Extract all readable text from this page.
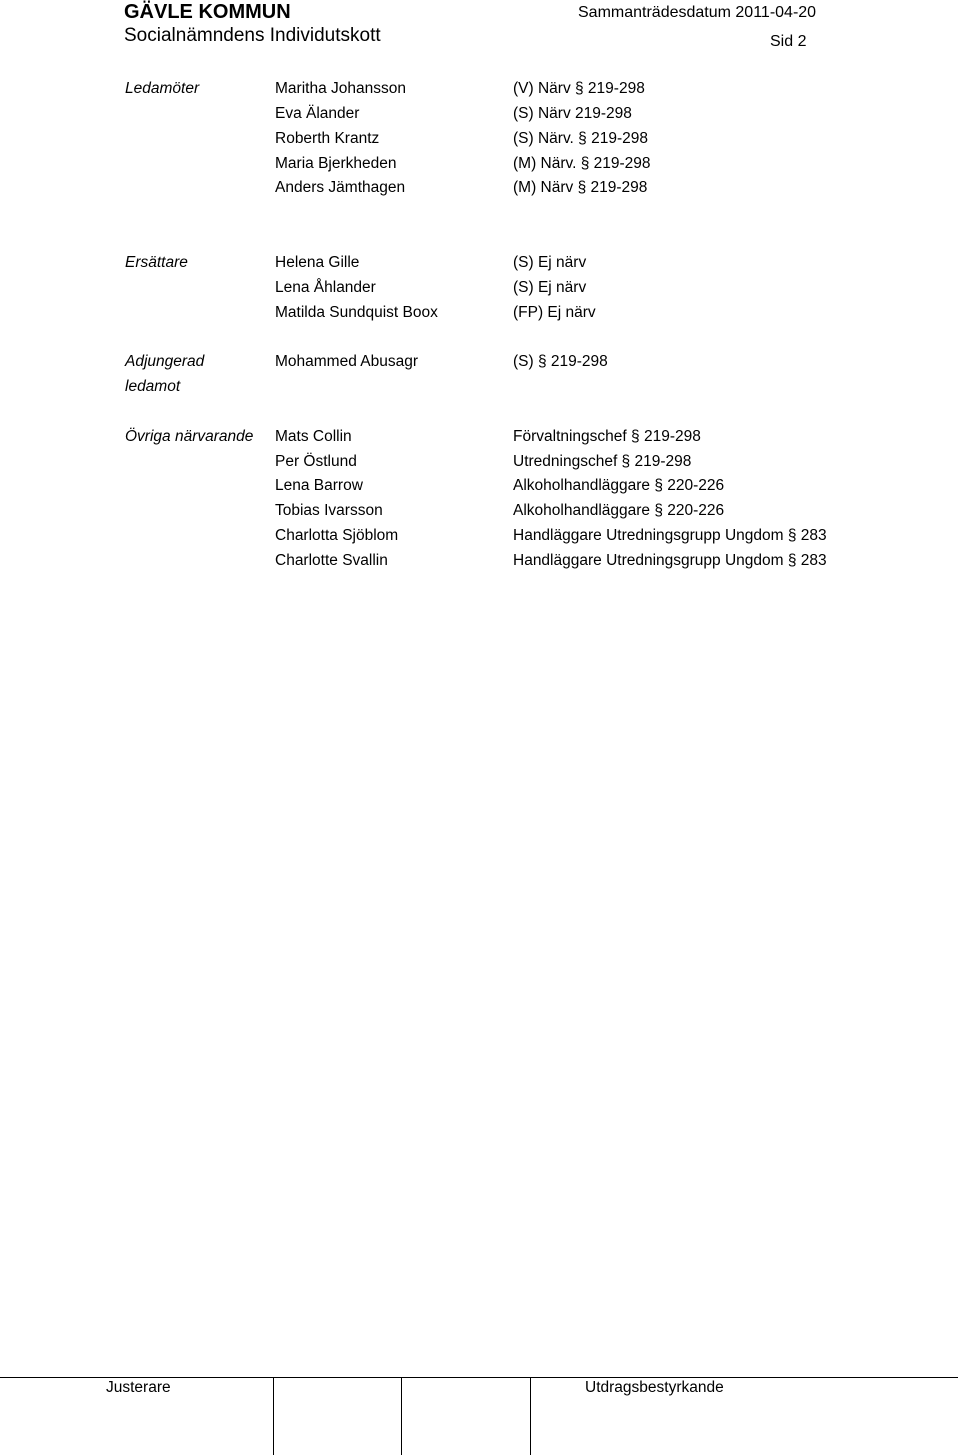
GÄVLE KOMMUN
Socialnämndens Individutskott
Sammanträdesdatum 2011-04-20
Sid 2
Ledamöter	Maritha Johansson	(V) Närv § 219-298
Eva Älander	(S) Närv 219-298
Roberth Krantz	(S) Närv. § 219-298
Maria Bjerkheden	(M) Närv. § 219-298
Anders Jämthagen	(M) Närv § 219-298
Ersättare	Helena Gille	(S) Ej närv
Lena Åhlander	(S) Ej närv
Matilda Sundquist Boox	(FP) Ej närv
Adjungerad
ledamot
Mohammed Abusagr	(S) § 219-298
Övriga närvarande	Mats Collin	Förvaltningschef § 219-298
Per Östlund	Utredningschef § 219-298
Lena Barrow	Alkoholhandläggare § 220-226
Tobias Ivarsson	Alkoholhandläggare § 220-226
Charlotta Sjöblom	Handläggare Utredningsgrupp Ungdom § 283
Charlotte Svallin	Handläggare Utredningsgrupp Ungdom § 283
Justerare	Utdragsbestyrkande
